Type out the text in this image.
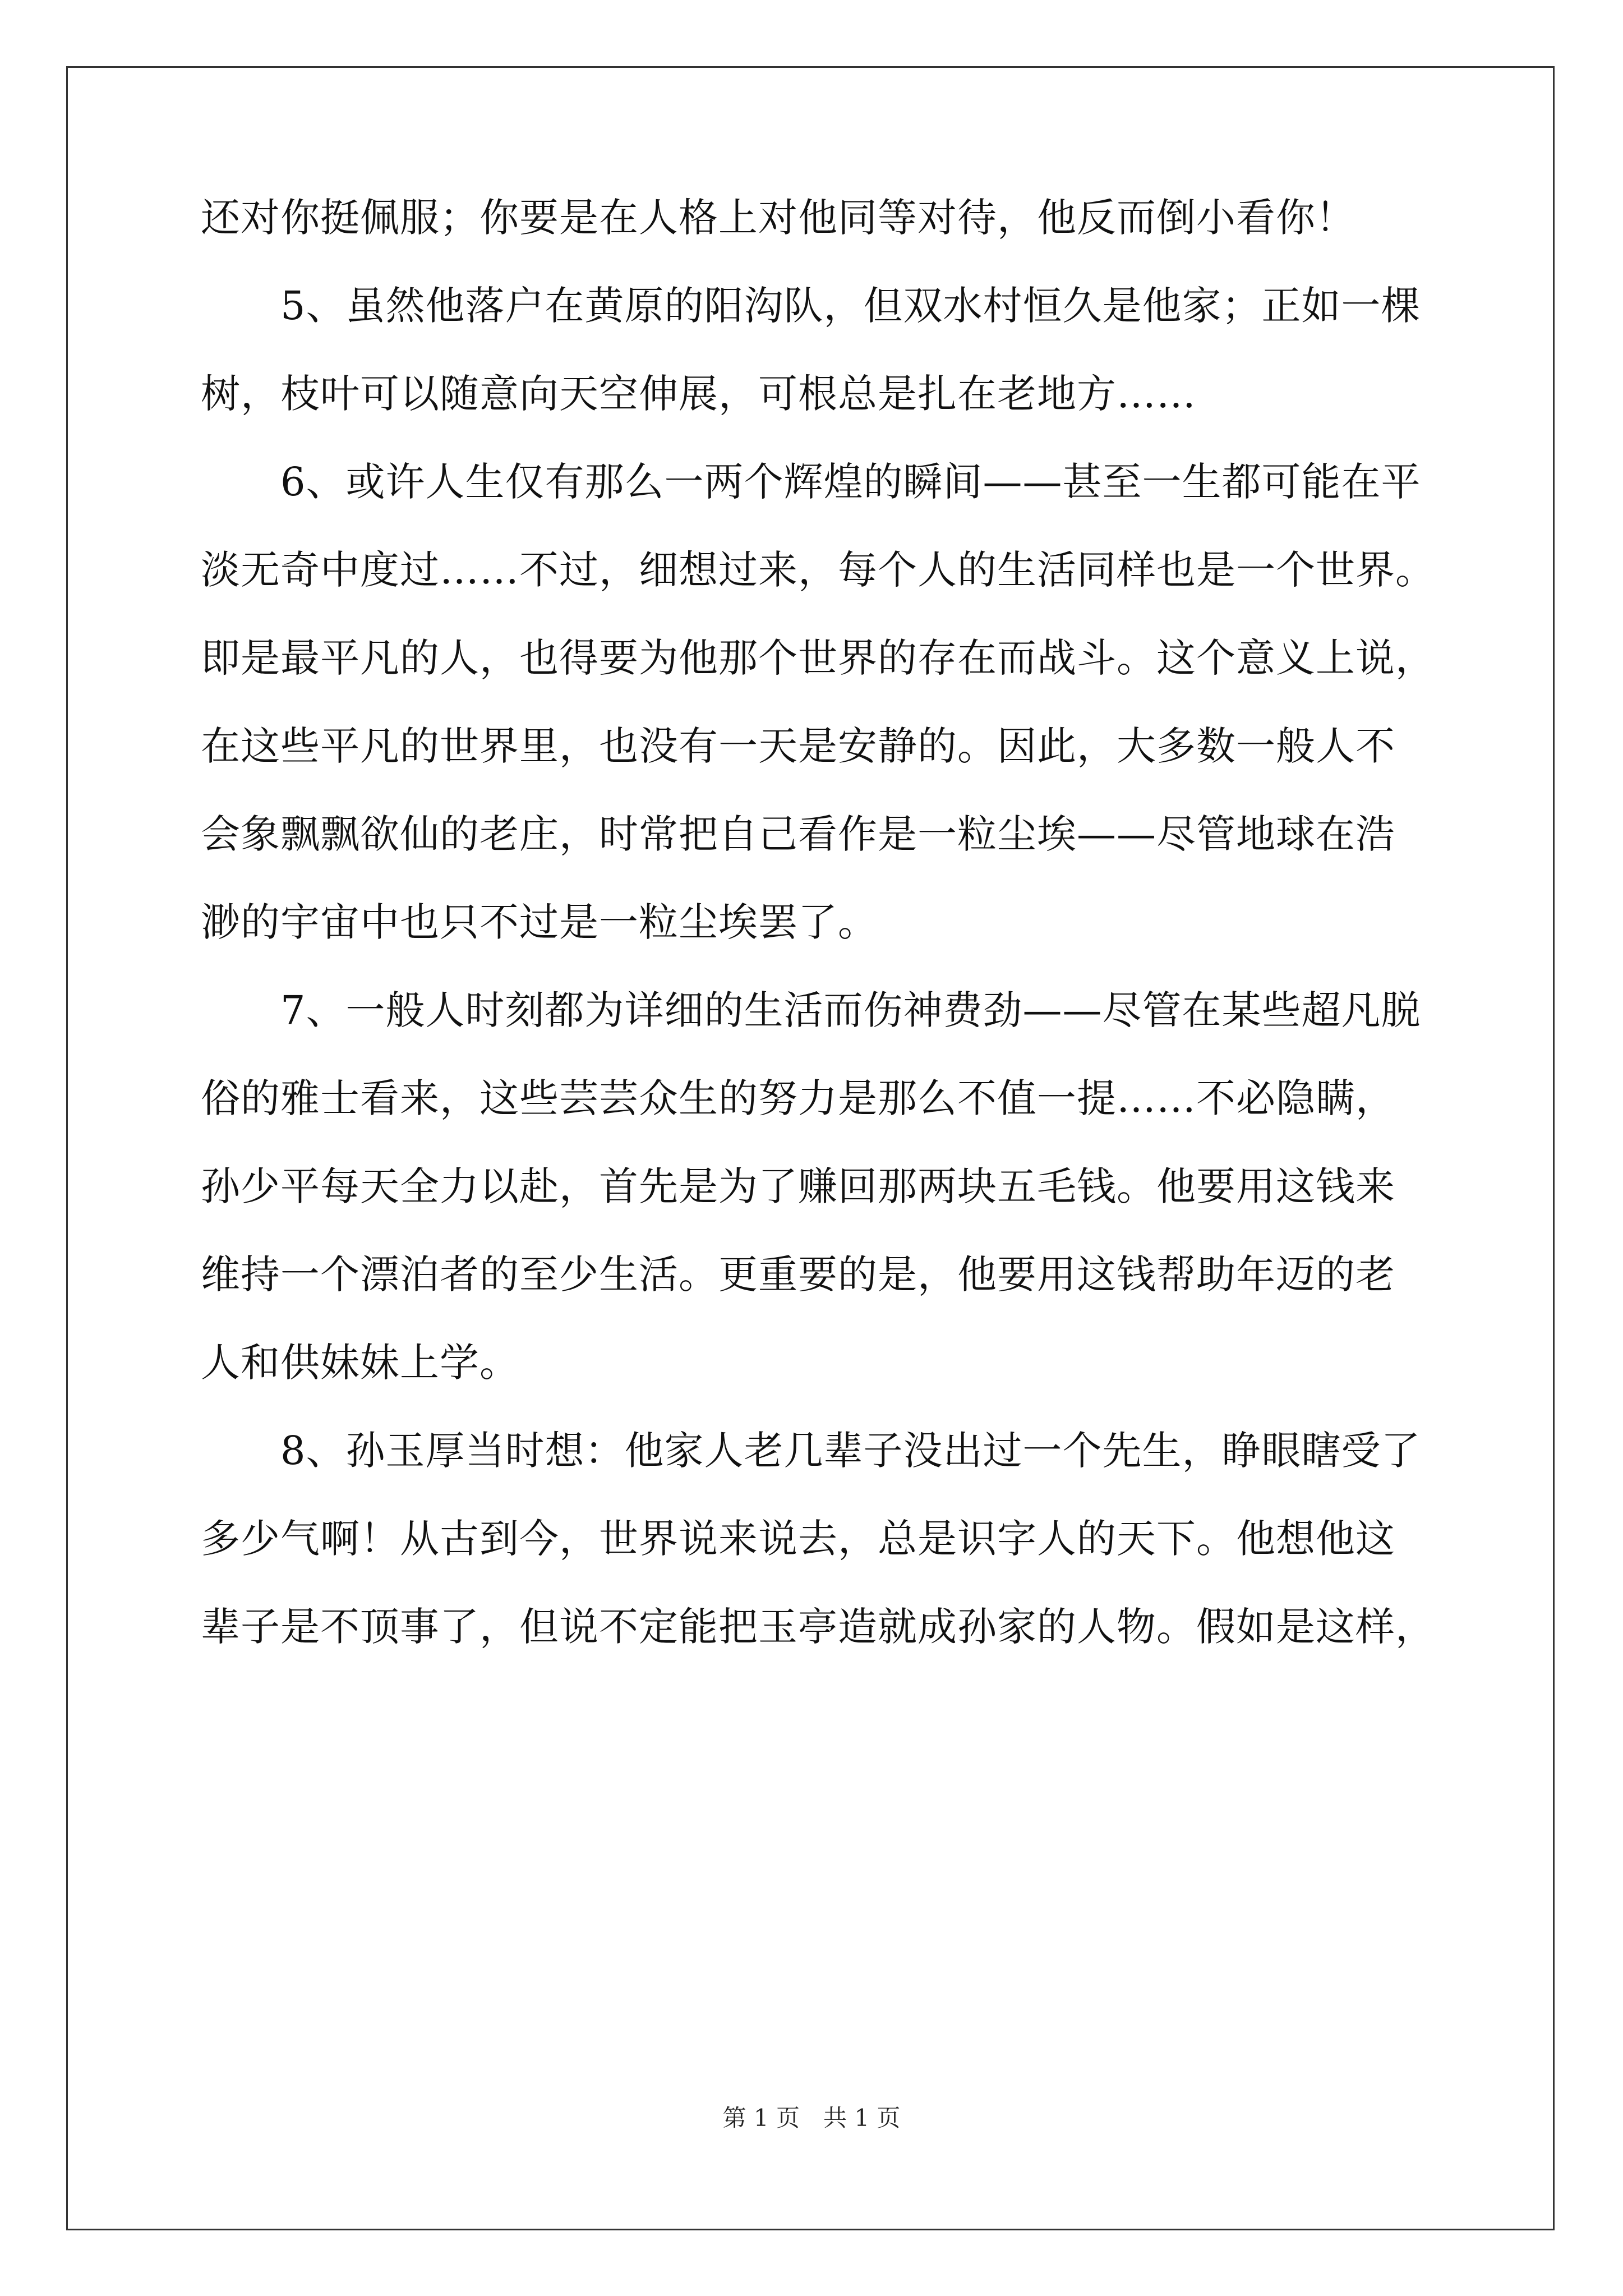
还对你挺佩服；你要是在人格上对他同等对待，他反而倒小看你！
　　5、虽然他落户在黄原的阳沟队，但双水村恒久是他家；正如一棵
树，枝叶可以随意向天空伸展，可根总是扎在老地方……
　　6、或许人生仅有那么一两个辉煌的瞬间——甚至一生都可能在平
淡无奇中度过……不过，细想过来，每个人的生活同样也是一个世界。
即是最平凡的人，也得要为他那个世界的存在而战斗。这个意义上说，
在这些平凡的世界里，也没有一天是安静的。因此，大多数一般人不
会象飘飘欲仙的老庄，时常把自己看作是一粒尘埃——尽管地球在浩
渺的宇宙中也只不过是一粒尘埃罢了。
　　7、一般人时刻都为详细的生活而伤神费劲——尽管在某些超凡脱
俗的雅士看来，这些芸芸众生的努力是那么不值一提……不必隐瞒，
孙少平每天全力以赴，首先是为了赚回那两块五毛钱。他要用这钱来
维持一个漂泊者的至少生活。更重要的是，他要用这钱帮助年迈的老
人和供妹妹上学。
　　8、孙玉厚当时想：他家人老几辈子没出过一个先生，睁眼瞎受了
多少气啊！从古到今，世界说来说去，总是识字人的天下。他想他这
辈子是不顶事了，但说不定能把玉亭造就成孙家的人物。假如是这样，
第 1 页　共 1 页
